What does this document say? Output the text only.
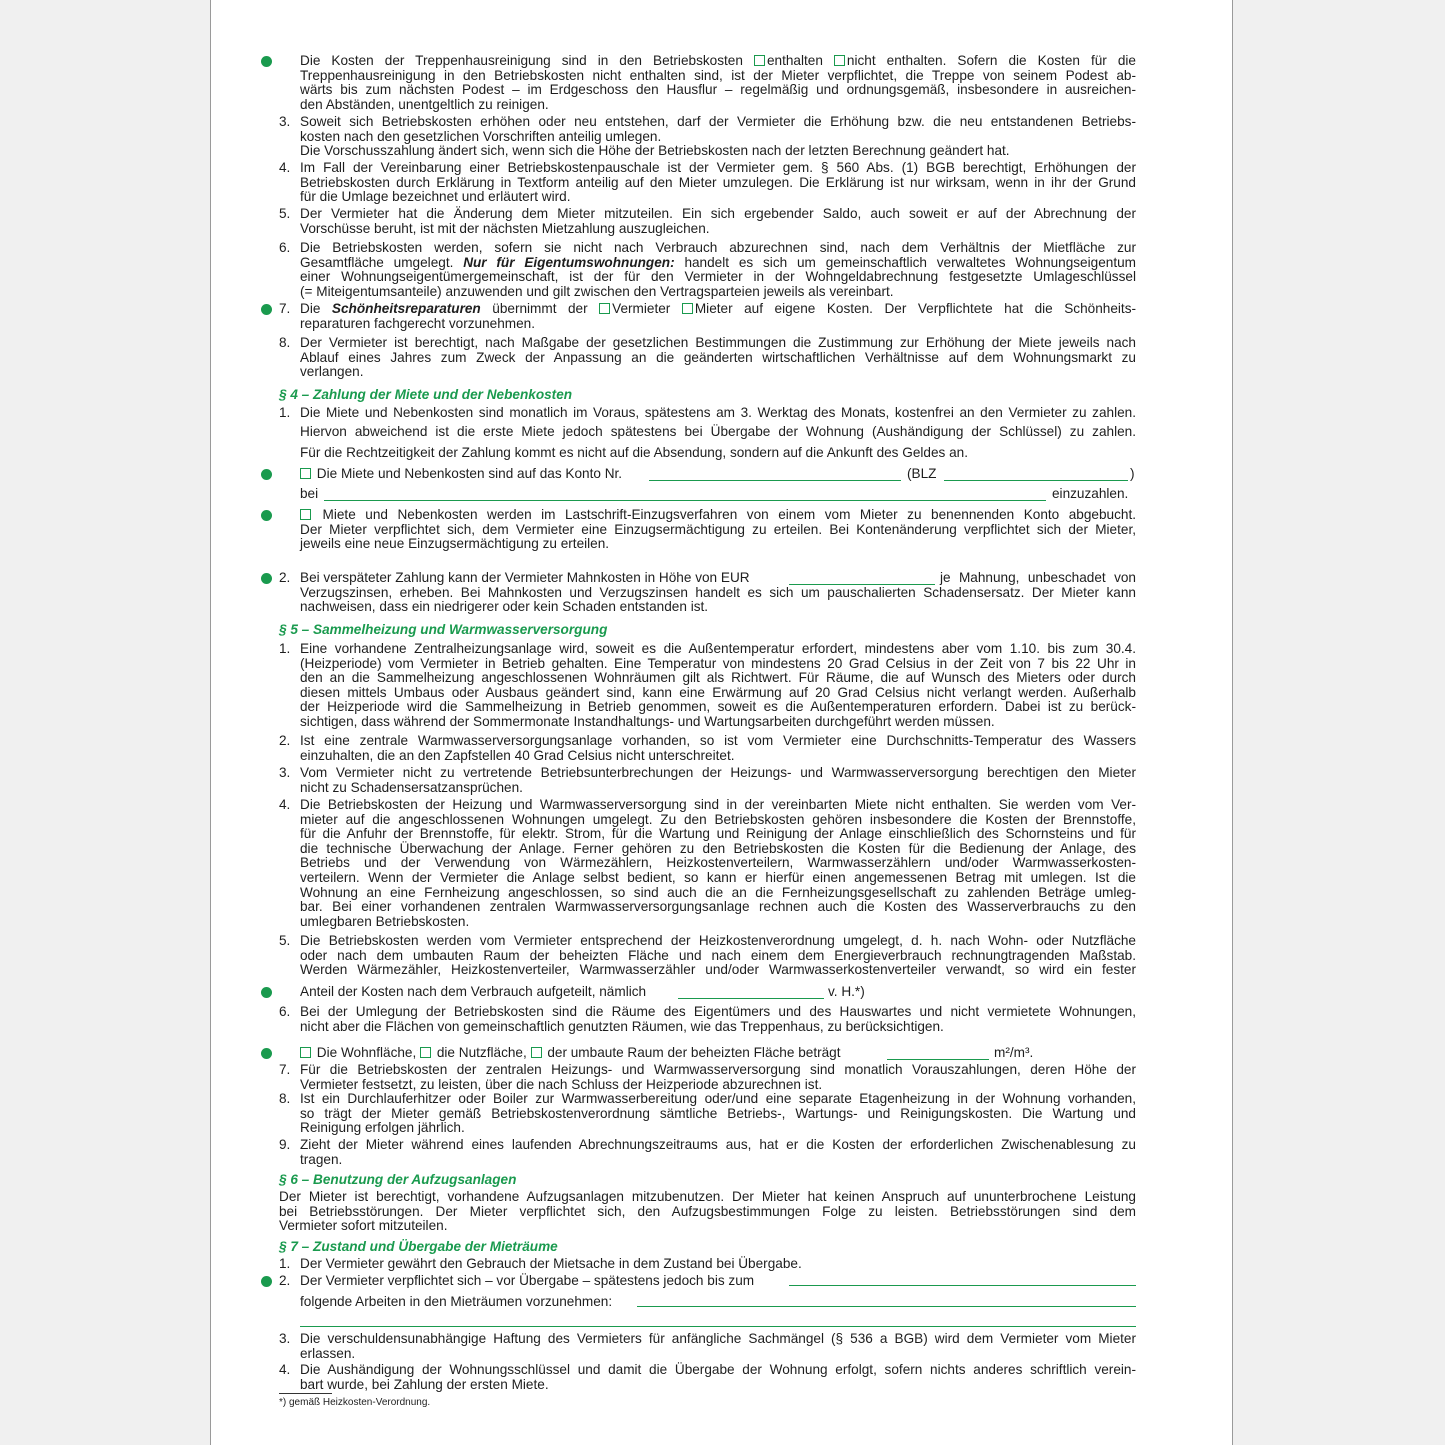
Die Kosten der Treppenhausreinigung sind in den Betriebskosten enthalten nicht enthalten. Sofern die Kosten für die
Treppenhausreinigung in den Betriebskosten nicht enthalten sind, ist der Mieter verpflichtet, die Treppe von seinem Podest ab-
wärts bis zum nächsten Podest – im Erdgeschoss den Hausflur – regelmäßig und ordnungsgemäß, insbesondere in ausreichen-
den Abständen, unentgeltlich zu reinigen.
3. Soweit sich Betriebskosten erhöhen oder neu entstehen, darf der Vermieter die Erhöhung bzw. die neu entstandenen Betriebs-
kosten nach den gesetzlichen Vorschriften anteilig umlegen.
Die Vorschusszahlung ändert sich, wenn sich die Höhe der Betriebskosten nach der letzten Berechnung geändert hat.
4. Im Fall der Vereinbarung einer Betriebskostenpauschale ist der Vermieter gem. § 560 Abs. (1) BGB berechtigt, Erhöhungen der
Betriebskosten durch Erklärung in Textform anteilig auf den Mieter umzulegen. Die Erklärung ist nur wirksam, wenn in ihr der Grund
für die Umlage bezeichnet und erläutert wird.
5. Der Vermieter hat die Änderung dem Mieter mitzuteilen. Ein sich ergebender Saldo, auch soweit er auf der Abrechnung der
Vorschüsse beruht, ist mit der nächsten Mietzahlung auszugleichen.
6. Die Betriebskosten werden, sofern sie nicht nach Verbrauch abzurechnen sind, nach dem Verhältnis der Mietfläche zur
Gesamtfläche umgelegt. Nur für Eigentumswohnungen: handelt es sich um gemeinschaftlich verwaltetes Wohnungseigentum
einer Wohnungseigentümergemeinschaft, ist der für den Vermieter in der Wohngeldabrechnung festgesetzte Umlageschlüssel
(= Miteigentumsanteile) anzuwenden und gilt zwischen den Vertragsparteien jeweils als vereinbart.
7. Die Schönheitsreparaturen übernimmt der Vermieter Mieter auf eigene Kosten. Der Verpflichtete hat die Schönheits-
reparaturen fachgerecht vorzunehmen.
8. Der Vermieter ist berechtigt, nach Maßgabe der gesetzlichen Bestimmungen die Zustimmung zur Erhöhung der Miete jeweils nach
Ablauf eines Jahres zum Zweck der Anpassung an die geänderten wirtschaftlichen Verhältnisse auf dem Wohnungsmarkt zu
verlangen.
§ 4 – Zahlung der Miete und der Nebenkosten
1. Die Miete und Nebenkosten sind monatlich im Voraus, spätestens am 3. Werktag des Monats, kostenfrei an den Vermieter zu zahlen.
Hiervon abweichend ist die erste Miete jedoch spätestens bei Übergabe der Wohnung (Aushändigung der Schlüssel) zu zahlen.
Für die Rechtzeitigkeit der Zahlung kommt es nicht auf die Absendung, sondern auf die Ankunft des Geldes an.
Die Miete und Nebenkosten sind auf das Konto Nr.	(BLZ	)
bei	einzuzahlen.
Miete und Nebenkosten werden im Lastschrift-Einzugsverfahren von einem vom Mieter zu benennenden Konto abgebucht.
Der Mieter verpflichtet sich, dem Vermieter eine Einzugsermächtigung zu erteilen. Bei Kontenänderung verpflichtet sich der Mieter,
jeweils eine neue Einzugsermächtigung zu erteilen.
2. Bei verspäteter Zahlung kann der Vermieter Mahnkosten in Höhe von EUR	je Mahnung, unbeschadet von
Verzugszinsen, erheben. Bei Mahnkosten und Verzugszinsen handelt es sich um pauschalierten Schadensersatz. Der Mieter kann
nachweisen, dass ein niedrigerer oder kein Schaden entstanden ist.
§ 5 – Sammelheizung und Warmwasserversorgung
1. Eine vorhandene Zentralheizungsanlage wird, soweit es die Außentemperatur erfordert, mindestens aber vom 1.10. bis zum 30.4.
(Heizperiode) vom Vermieter in Betrieb gehalten. Eine Temperatur von mindestens 20 Grad Celsius in der Zeit von 7 bis 22 Uhr in
den an die Sammelheizung angeschlossenen Wohnräumen gilt als Richtwert. Für Räume, die auf Wunsch des Mieters oder durch
diesen mittels Umbaus oder Ausbaus geändert sind, kann eine Erwärmung auf 20 Grad Celsius nicht verlangt werden. Außerhalb
der Heizperiode wird die Sammelheizung in Betrieb genommen, soweit es die Außentemperaturen erfordern. Dabei ist zu berück-
sichtigen, dass während der Sommermonate Instandhaltungs- und Wartungsarbeiten durchgeführt werden müssen.
2. Ist eine zentrale Warmwasserversorgungsanlage vorhanden, so ist vom Vermieter eine Durchschnitts-Temperatur des Wassers
einzuhalten, die an den Zapfstellen 40 Grad Celsius nicht unterschreitet.
3. Vom Vermieter nicht zu vertretende Betriebsunterbrechungen der Heizungs- und Warmwasserversorgung berechtigen den Mieter
nicht zu Schadensersatzansprüchen.
4. Die Betriebskosten der Heizung und Warmwasserversorgung sind in der vereinbarten Miete nicht enthalten. Sie werden vom Ver-
mieter auf die angeschlossenen Wohnungen umgelegt. Zu den Betriebskosten gehören insbesondere die Kosten der Brennstoffe,
für die Anfuhr der Brennstoffe, für elektr. Strom, für die Wartung und Reinigung der Anlage einschließlich des Schornsteins und für
die technische Überwachung der Anlage. Ferner gehören zu den Betriebskosten die Kosten für die Bedienung der Anlage, des
Betriebs und der Verwendung von Wärmezählern, Heizkostenverteilern, Warmwasserzählern und/oder Warmwasserkosten-
verteilern. Wenn der Vermieter die Anlage selbst bedient, so kann er hierfür einen angemessenen Betrag mit umlegen. Ist die
Wohnung an eine Fernheizung angeschlossen, so sind auch die an die Fernheizungsgesellschaft zu zahlenden Beträge umleg-
bar. Bei einer vorhandenen zentralen Warmwasserversorgungsanlage rechnen auch die Kosten des Wasserverbrauchs zu den
umlegbaren Betriebskosten.
5. Die Betriebskosten werden vom Vermieter entsprechend der Heizkostenverordnung umgelegt, d. h. nach Wohn- oder Nutzfläche
oder nach dem umbauten Raum der beheizten Fläche und nach einem dem Energieverbrauch rechnungtragenden Maßstab.
Werden Wärmezähler, Heizkostenverteiler, Warmwasserzähler und/oder Warmwasserkostenverteiler verwandt, so wird ein fester
Anteil der Kosten nach dem Verbrauch aufgeteilt, nämlich	v. H.*)
6. Bei der Umlegung der Betriebskosten sind die Räume des Eigentümers und des Hauswartes und nicht vermietete Wohnungen,
nicht aber die Flächen von gemeinschaftlich genutzten Räumen, wie das Treppenhaus, zu berücksichtigen.
Die Wohnfläche, die Nutzfläche, der umbaute Raum der beheizten Fläche beträgt	m²/m³.
7. Für die Betriebskosten der zentralen Heizungs- und Warmwasserversorgung sind monatlich Vorauszahlungen, deren Höhe der
Vermieter festsetzt, zu leisten, über die nach Schluss der Heizperiode abzurechnen ist.
8. Ist ein Durchlauferhitzer oder Boiler zur Warmwasserbereitung oder/und eine separate Etagenheizung in der Wohnung vorhanden,
so trägt der Mieter gemäß Betriebskostenverordnung sämtliche Betriebs-, Wartungs- und Reinigungskosten. Die Wartung und
Reinigung erfolgen jährlich.
9. Zieht der Mieter während eines laufenden Abrechnungszeitraums aus, hat er die Kosten der erforderlichen Zwischenablesung zu
tragen.
§ 6 – Benutzung der Aufzugsanlagen
Der Mieter ist berechtigt, vorhandene Aufzugsanlagen mitzubenutzen. Der Mieter hat keinen Anspruch auf ununterbrochene Leistung
bei Betriebsstörungen. Der Mieter verpflichtet sich, den Aufzugsbestimmungen Folge zu leisten. Betriebsstörungen sind dem
Vermieter sofort mitzuteilen.
§ 7 – Zustand und Übergabe der Mieträume
1. Der Vermieter gewährt den Gebrauch der Mietsache in dem Zustand bei Übergabe.
2. Der Vermieter verpflichtet sich – vor Übergabe – spätestens jedoch bis zum
folgende Arbeiten in den Mieträumen vorzunehmen:
3. Die verschuldensunabhängige Haftung des Vermieters für anfängliche Sachmängel (§ 536 a BGB) wird dem Vermieter vom Mieter
erlassen.
4. Die Aushändigung der Wohnungsschlüssel und damit die Übergabe der Wohnung erfolgt, sofern nichts anderes schriftlich verein-
bart wurde, bei Zahlung der ersten Miete.
*) gemäß Heizkosten-Verordnung.
